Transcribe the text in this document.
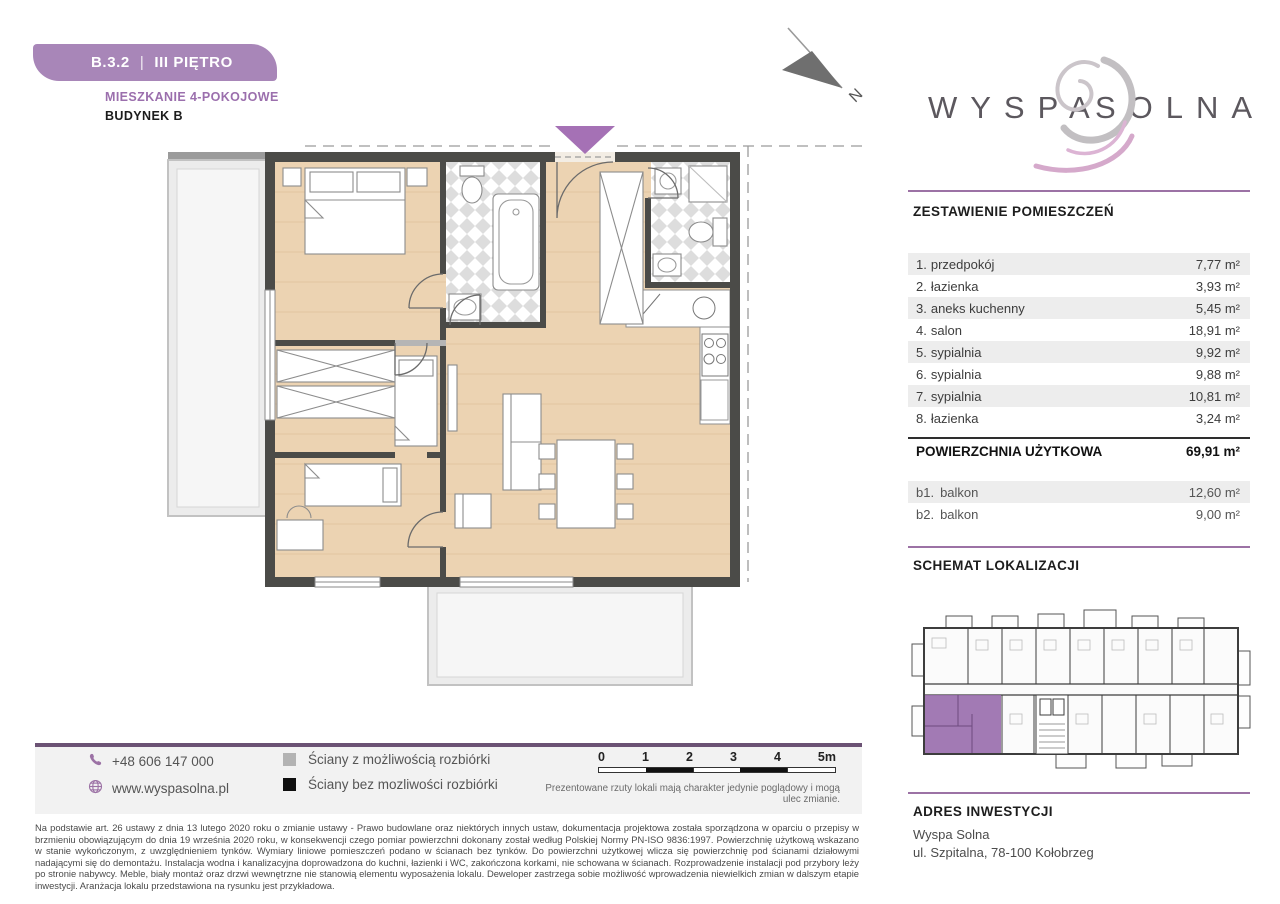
B.3.2 | III PIĘTRO
MIESZKANIE 4-POKOJOWE
BUDYNEK B
N WYSPA
SOLNA
ZESTAWIENIE POMIESZCZEŃ
1. przedpokój	7,77 m²
2. łazienka	3,93 m²
3. aneks kuchenny	5,45 m²
4. salon	18,91 m²
5. sypialnia	9,92 m²
6. sypialnia	9,88 m²
7. sypialnia	10,81 m²
8. łazienka	3,24 m²
POWIERZCHNIA UŻYTKOWA	69,91 m²
b1. balkon	12,60 m²
b2. balkon	9,00 m²
SCHEMAT LOKALIZACJI
ADRES INWESTYCJI
Wyspa Solna
ul. Szpitalna, 78-100 Kołobrzeg
+48 606 147 000
www.wyspasolna.pl
Ściany z możliwością rozbiórki
Ściany bez mozliwości rozbiórki
0	1	2	3	4	5m
Prezentowane rzuty lokali mają charakter jedynie poglądowy i mogą ulec zmianie.

Na podstawie art. 26 ustawy z dnia 13 lutego 2020 roku o zmianie ustawy - Prawo budowlane oraz niektórych innych ustaw, dokumentacja projektowa została sporządzona w oparciu o przepisy w brzmieniu obowiązującym do dnia 19 września 2020 roku, w konsekwencji czego pomiar powierzchni dokonany został według Polskiej Normy PN-ISO 9836:1997. Powierzchnię użytkową wskazano w stanie wykończonym, z uwzględnieniem tynków. Wymiary liniowe pomieszczeń podano w ścianach bez tynków. Do powierzchni użytkowej wlicza się powierzchnię pod ścianami działowymi nadającymi się do demontażu. Instalacja wodna i kanalizacyjna doprowadzona do kuchni, łazienki i WC, zakończona korkami, nie schowana w ścianach. Rozprowadzenie instalacji pod przybory leży po stronie nabywcy. Meble, biały montaż oraz drzwi wewnętrzne nie stanowią elementu wyposażenia lokalu. Deweloper zastrzega sobie możliwość wprowadzenia niewielkich zmian w dalszym etapie inwestycji. Aranżacja lokalu przedstawiona na rysunku jest przykładowa.
